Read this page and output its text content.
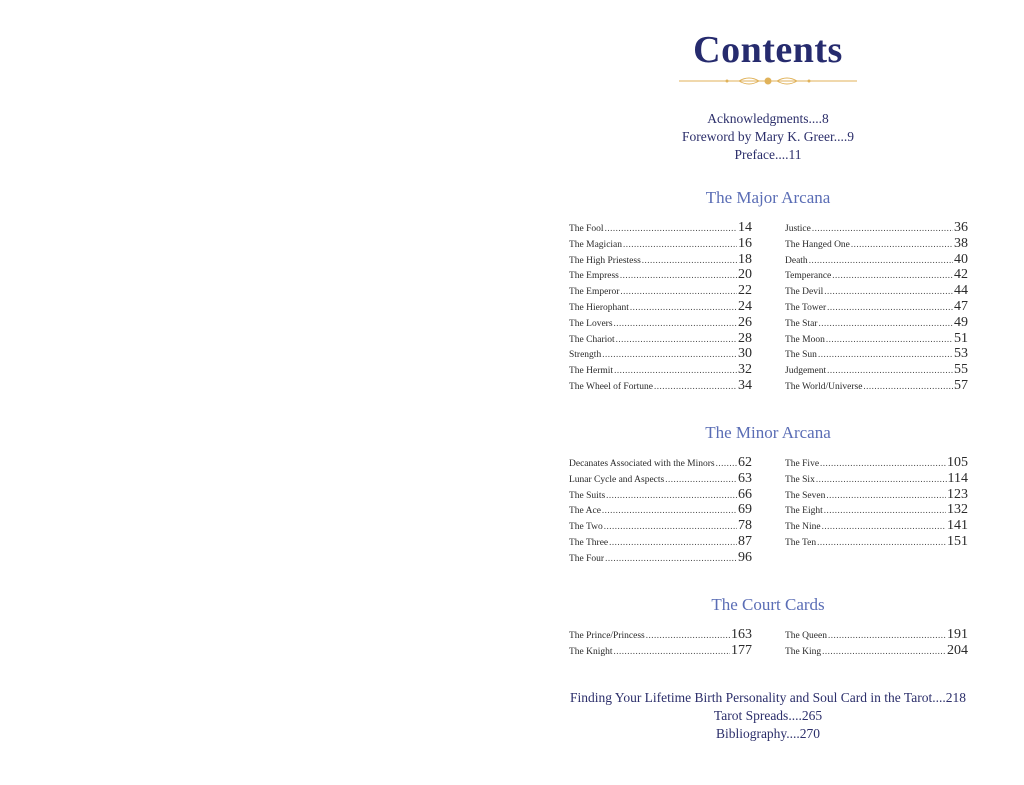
Contents
Acknowledgments....8
Foreword by Mary K. Greer....9
Preface....11
The Major Arcana
The Fool .....	14
The Magician .....	16
The High Priestess .....	18
The Empress .....	20
The Emperor .....	22
The Hierophant .....	24
The Lovers .....	26
The Chariot .....	28
Strength .....	30
The Hermit .....	32
The Wheel of Fortune .....	34
Justice .....	36
The Hanged One .....	38
Death .....	40
Temperance .....	42
The Devil .....	44
The Tower .....	47
The Star .....	49
The Moon .....	51
The Sun .....	53
Judgement .....	55
The World/Universe .....	57
The Minor Arcana
Decanates Associated with the Minors ..... 62
Lunar Cycle and Aspects .....	63
The Suits .....	66
The Ace .....	69
The Two .....	78
The Three .....	87
The Four .....	96
The Five .....	105
The Six .....	114
The Seven .....	123
The Eight .....	132
The Nine .....	141
The Ten .....	151
The Court Cards
The Prince/Princess .....	163
The Knight .....	177
The Queen .....	191
The King .....	204
Finding Your Lifetime Birth Personality and Soul Card in the Tarot....218
Tarot Spreads....265
Bibliography....270
